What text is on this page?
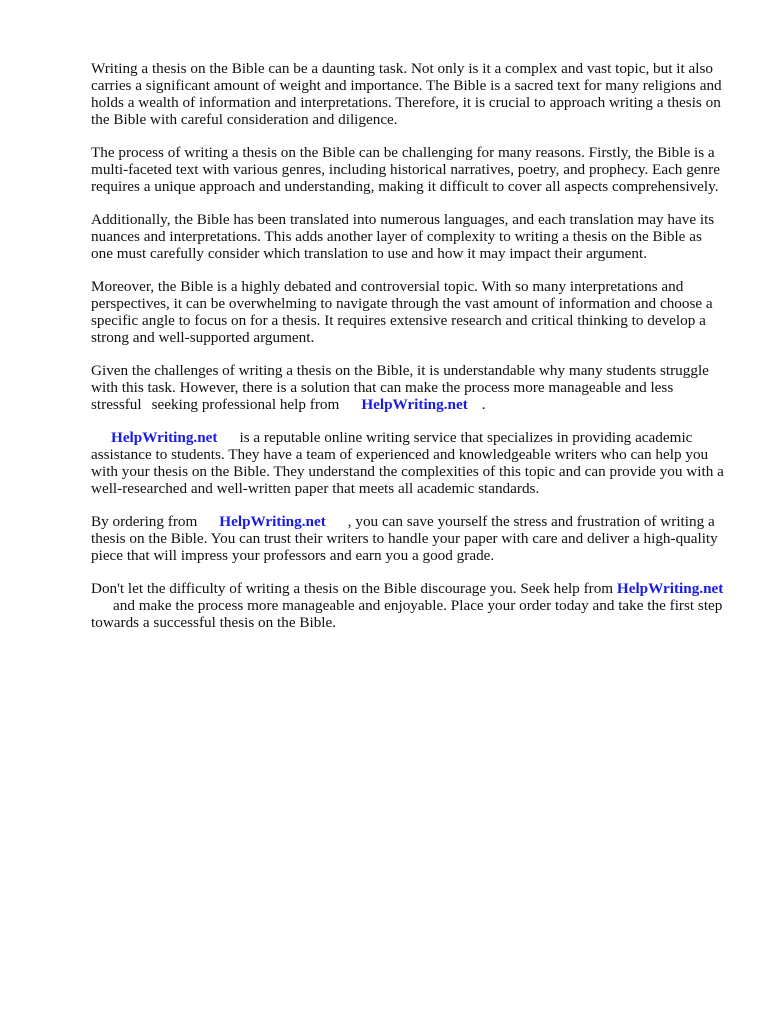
Writing a thesis on the Bible can be a daunting task. Not only is it a complex and vast topic, but it also carries a significant amount of weight and importance. The Bible is a sacred text for many religions and holds a wealth of information and interpretations. Therefore, it is crucial to approach writing a thesis on the Bible with careful consideration and diligence.

The process of writing a thesis on the Bible can be challenging for many reasons. Firstly, the Bible is a multi-faceted text with various genres, including historical narratives, poetry, and prophecy. Each genre requires a unique approach and understanding, making it difficult to cover all aspects comprehensively.

Additionally, the Bible has been translated into numerous languages, and each translation may have its nuances and interpretations. This adds another layer of complexity to writing a thesis on the Bible as one must carefully consider which translation to use and how it may impact their argument.

Moreover, the Bible is a highly debated and controversial topic. With so many interpretations and perspectives, it can be overwhelming to navigate through the vast amount of information and choose a specific angle to focus on for a thesis. It requires extensive research and critical thinking to develop a strong and well-supported argument.

Given the challenges of writing a thesis on the Bible, it is understandable why many students struggle with this task. However, there is a solution that can make the process more manageable and less stressful seeking professional help from HelpWriting.net .

HelpWriting.net is a reputable online writing service that specializes in providing academic assistance to students. They have a team of experienced and knowledgeable writers who can help you with your thesis on the Bible. They understand the complexities of this topic and can provide you with a well-researched and well-written paper that meets all academic standards.

By ordering from HelpWriting.net , you can save yourself the stress and frustration of writing a thesis on the Bible. You can trust their writers to handle your paper with care and deliver a high-quality piece that will impress your professors and earn you a good grade.

Don't let the difficulty of writing a thesis on the Bible discourage you. Seek help from HelpWriting.netand make the process more manageable and enjoyable. Place your order today and take the first step towards a successful thesis on the Bible.
